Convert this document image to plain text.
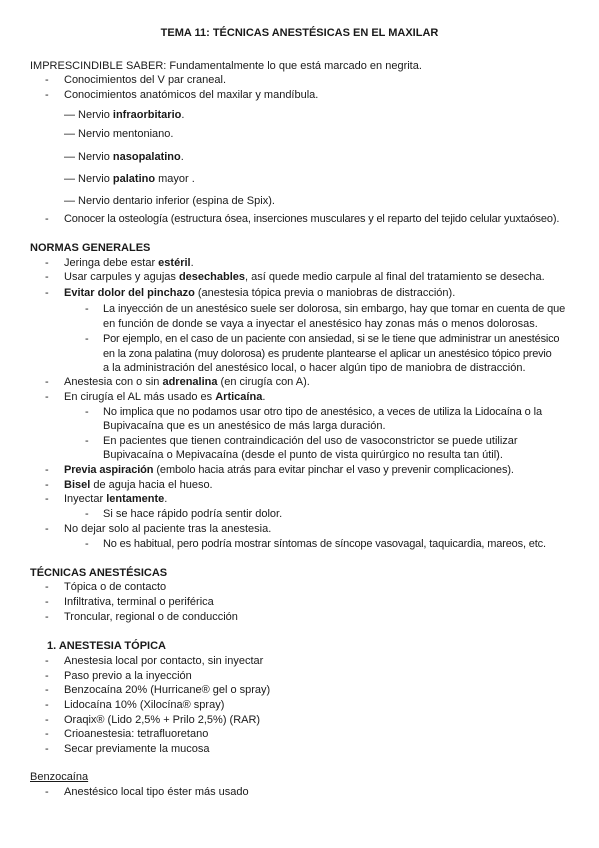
TEMA 11: TÉCNICAS ANESTÉSICAS EN EL MAXILAR
IMPRESCINDIBLE SABER: Fundamentalmente lo que está marcado en negrita.
-	Conocimientos del V par craneal.
-	Conocimientos anatómicos del maxilar y mandíbula.
— Nervio infraorbitario.
— Nervio mentoniano.
— Nervio nasopalatino.
— Nervio palatino mayor .
— Nervio dentario inferior (espina de Spix).
-	Conocer la osteología (estructura ósea, inserciones musculares y el reparto del tejido celular yuxtaóseo).
NORMAS GENERALES
-	Jeringa debe estar estéril.
-	Usar carpules y agujas desechables, así quede medio carpule al final del tratamiento se desecha.
-	Evitar dolor del pinchazo (anestesia tópica previa o maniobras de distracción).
-	La inyección de un anestésico suele ser dolorosa, sin embargo, hay que tomar en cuenta de que
en función de donde se vaya a inyectar el anestésico hay zonas más o menos dolorosas.
-	Por ejemplo, en el caso de un paciente con ansiedad, si se le tiene que administrar un anestésico
en la zona palatina (muy dolorosa) es prudente plantearse el aplicar un anestésico tópico previo
a la administración del anestésico local, o hacer algún tipo de maniobra de distracción.
-	Anestesia con o sin adrenalina (en cirugía con A).
-	En cirugía el AL más usado es Articaína.
-	No implica que no podamos usar otro tipo de anestésico, a veces de utiliza la Lidocaína o la
Bupivacaína que es un anestésico de más larga duración.
-	En pacientes que tienen contraindicación del uso de vasoconstrictor se puede utilizar
Bupivacaína o Mepivacaína (desde el punto de vista quirúrgico no resulta tan útil).
-	Previa aspiración (embolo hacia atrás para evitar pinchar el vaso y prevenir complicaciones).
-	Bisel de aguja hacia el hueso.
-	Inyectar lentamente.
-	Si se hace rápido podría sentir dolor.
-	No dejar solo al paciente tras la anestesia.
-	No es habitual, pero podría mostrar síntomas de síncope vasovagal, taquicardia, mareos, etc.
TÉCNICAS ANESTÉSICAS
-	Tópica o de contacto
-	Infiltrativa, terminal o periférica
-	Troncular, regional o de conducción
1. ANESTESIA TÓPICA
-	Anestesia local por contacto, sin inyectar
-	Paso previo a la inyección
-	Benzocaína 20% (Hurricane® gel o spray)
-	Lidocaína 10% (Xilocína® spray)
-	Oraqix® (Lido 2,5% + Prilo 2,5%) (RAR)
-	Crioanestesia: tetrafluoretano
-	Secar previamente la mucosa
Benzocaína
-	Anestésico local tipo éster más usado
